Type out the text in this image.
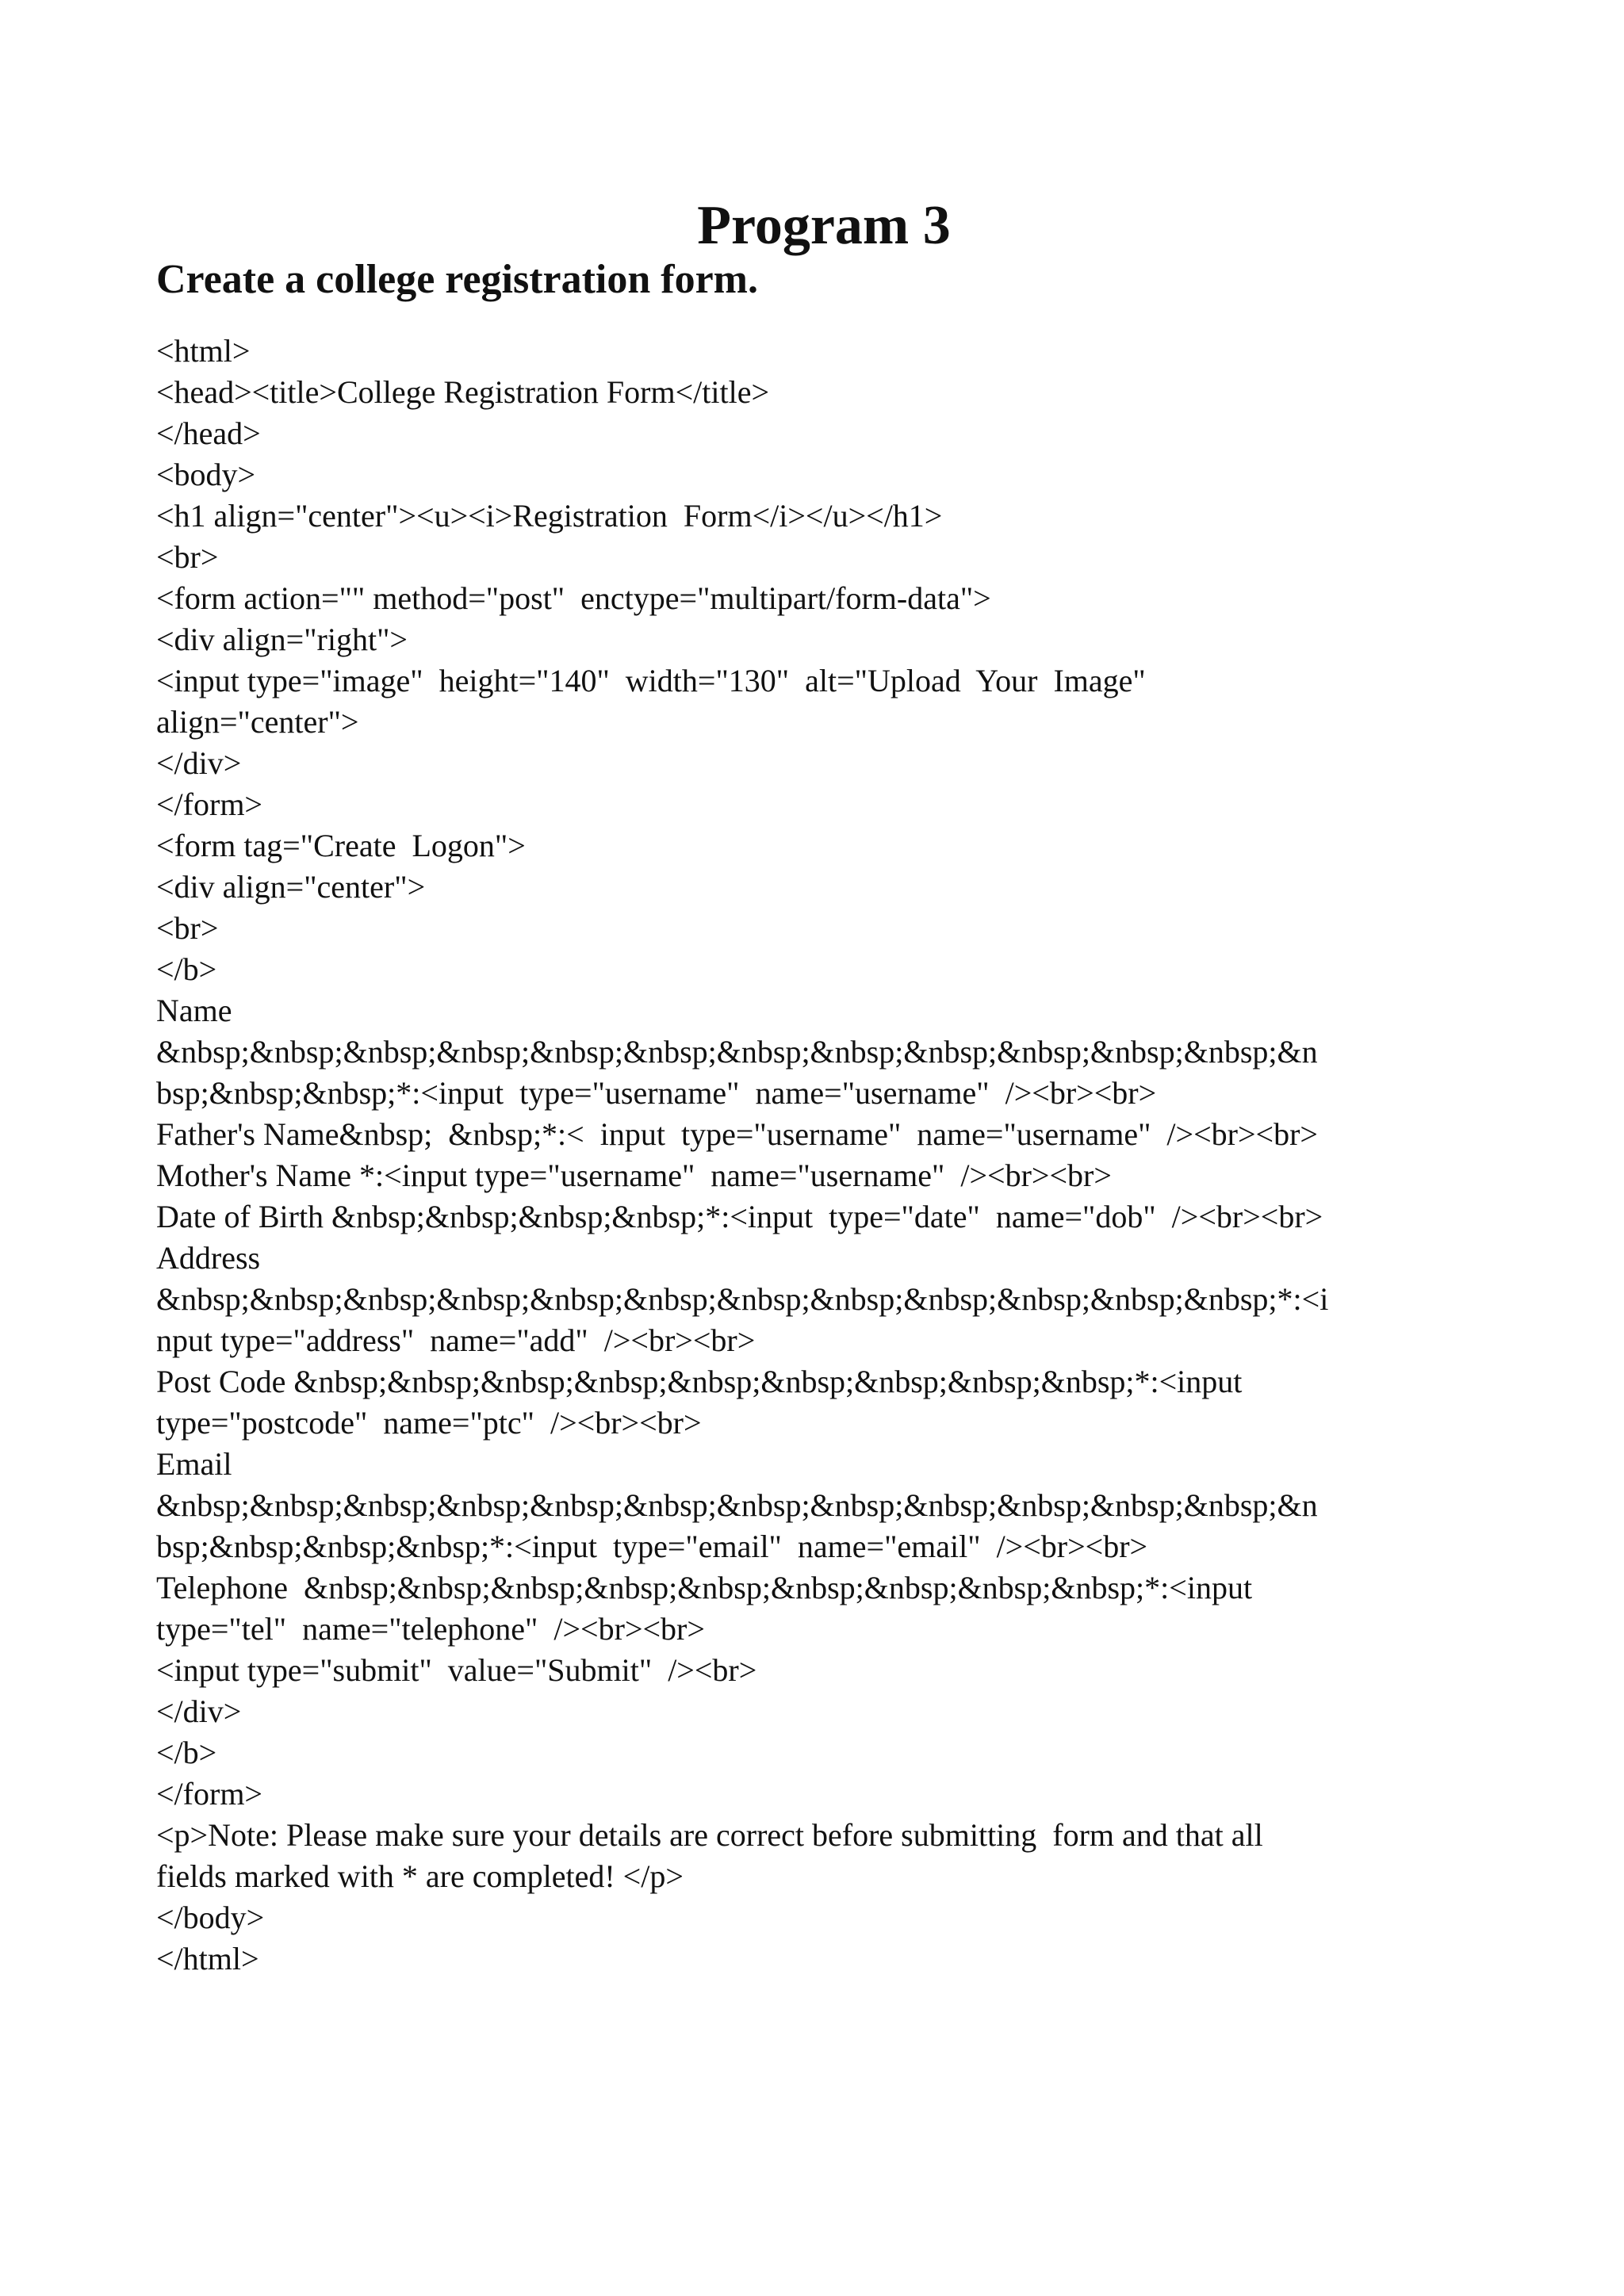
Program 3
Create a college registration form.
<html>
<head><title>College Registration Form</title>
</head>
<body>
<h1 align="center"><u><i>Registration  Form</i></u></h1>
<br>
<form action="" method="post"  enctype="multipart/form-data">
<div align="right">
<input type="image"  height="140"  width="130"  alt="Upload  Your  Image"
align="center">
</div>
</form>
<form tag="Create  Logon">
<div align="center">
<br>
</b>
Name
&nbsp;&nbsp;&nbsp;&nbsp;&nbsp;&nbsp;&nbsp;&nbsp;&nbsp;&nbsp;&nbsp;&nbsp;&n
bsp;&nbsp;&nbsp;*:<input  type="username"  name="username"  /><br><br>
Father's Name&nbsp;  &nbsp;*:<  input  type="username"  name="username"  /><br><br>
Mother's Name *:<input type="username"  name="username"  /><br><br>
Date of Birth &nbsp;&nbsp;&nbsp;&nbsp;*:<input  type="date"  name="dob"  /><br><br>
Address
&nbsp;&nbsp;&nbsp;&nbsp;&nbsp;&nbsp;&nbsp;&nbsp;&nbsp;&nbsp;&nbsp;&nbsp;*:<i
nput type="address"  name="add"  /><br><br>
Post Code &nbsp;&nbsp;&nbsp;&nbsp;&nbsp;&nbsp;&nbsp;&nbsp;&nbsp;*:<input
type="postcode"  name="ptc"  /><br><br>
Email
&nbsp;&nbsp;&nbsp;&nbsp;&nbsp;&nbsp;&nbsp;&nbsp;&nbsp;&nbsp;&nbsp;&nbsp;&n
bsp;&nbsp;&nbsp;&nbsp;*:<input  type="email"  name="email"  /><br><br>
Telephone  &nbsp;&nbsp;&nbsp;&nbsp;&nbsp;&nbsp;&nbsp;&nbsp;&nbsp;*:<input
type="tel"  name="telephone"  /><br><br>
<input type="submit"  value="Submit"  /><br>
</div>
</b>
</form>
<p>Note: Please make sure your details are correct before submitting  form and that all
fields marked with * are completed! </p>
</body>
</html>
